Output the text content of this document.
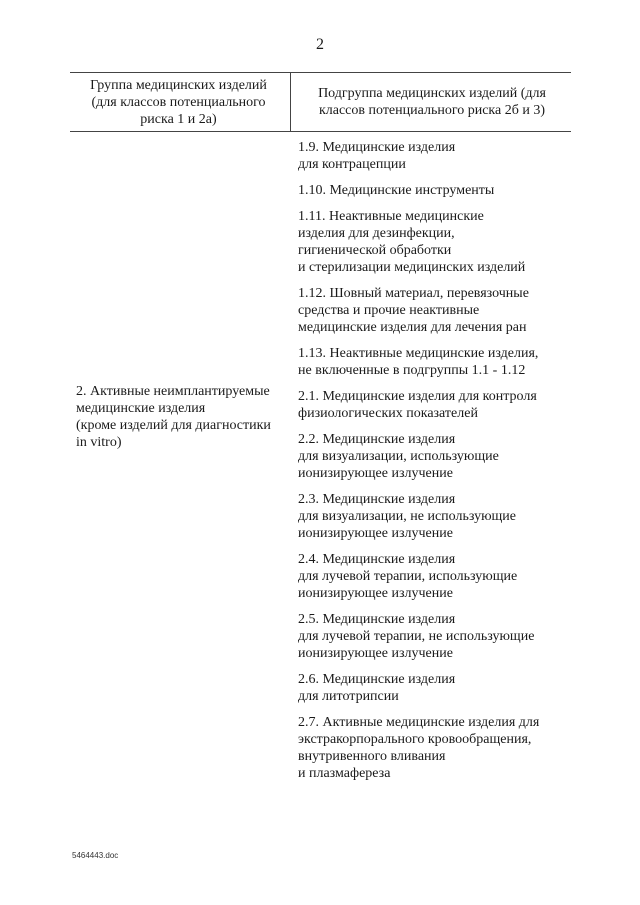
2
Группа медицинских изделий
(для классов потенциального
риска 1 и 2а)
Подгруппа медицинских изделий (для
классов потенциального риска 2б и 3)
2. Активные неимплантируемые
медицинские изделия
(кроме изделий для диагностики
in vitro)
1.9. Медицинские изделия
для контрацепции
1.10. Медицинские инструменты
1.11. Неактивные медицинские
изделия для дезинфекции,
гигиенической обработки
и стерилизации медицинских изделий
1.12. Шовный материал, перевязочные
средства и прочие неактивные
медицинские изделия для лечения ран
1.13. Неактивные медицинские изделия,
не включенные в подгруппы 1.1 - 1.12
2.1. Медицинские изделия для контроля
физиологических показателей
2.2. Медицинские изделия
для визуализации, использующие
ионизирующее излучение
2.3. Медицинские изделия
для визуализации, не использующие
ионизирующее излучение
2.4. Медицинские изделия
для лучевой терапии, использующие
ионизирующее излучение
2.5. Медицинские изделия
для лучевой терапии, не использующие
ионизирующее излучение
2.6. Медицинские изделия
для литотрипсии
2.7. Активные медицинские изделия для
экстракорпорального кровообращения,
внутривенного вливания
и плазмафереза
5464443.doc
